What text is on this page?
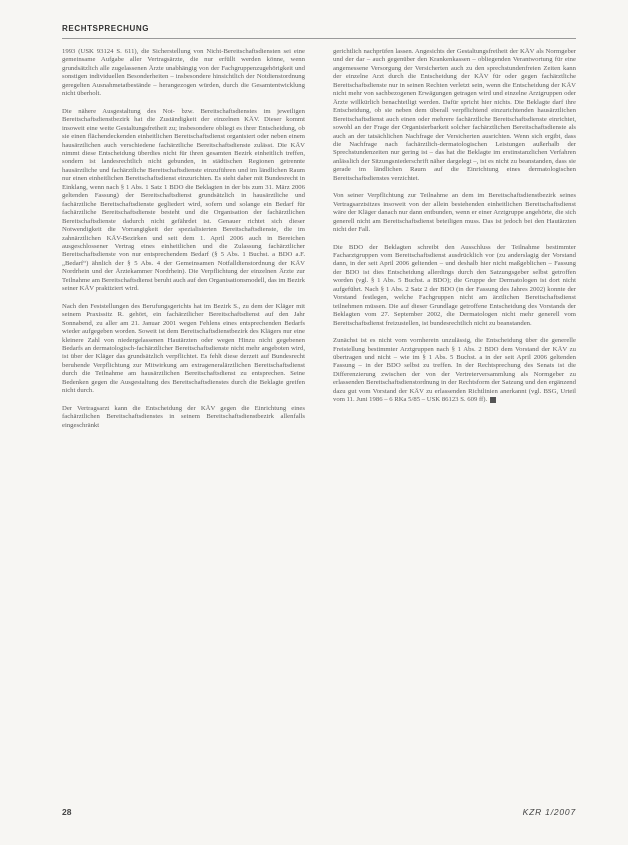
RECHTSPRECHUNG

1993 (USK 93124 S. 611), die Sicherstellung von Nicht-Bereitschaftsdiensten sei eine gemeinsame Aufgabe aller Vertragsärzte, die nur erfüllt werden könne, wenn grundsätzlich alle zugelassenen Ärzte unabhängig von der Fachgruppenzugehörigkeit und sonstigen individuellen Besonderheiten – insbesondere hinsichtlich der Notdienstordnung geregelten Ausnahmetatbestände – herangezogen würden, durch die Gesamtentwicklung nicht überholt.

Die nähere Ausgestaltung des Not- bzw. Bereitschaftsdienstes im jeweiligen Bereitschaftsdienstbezirk hat die Zuständigkeit der einzelnen KÄV. Dieser kommt insoweit eine weite Gestaltungsfreiheit zu; insbesondere obliegt es ihrer Entscheidung, ob sie einen flächendeckenden einheitlichen Bereitschaftsdienst organisiert oder neben einem hausärztlichen auch verschiedene fachärztliche Bereitschaftsdienste zulässt. Die KÄV nimmt diese Entscheidung überdies nicht für ihren gesamten Bezirk einheitlich treffen, sondern ist landesrechtlich nicht gebunden, in städtischen Regionen getrennte hausärztliche und fachärztliche Bereitschaftsdienste einzuführen und im ländlichen Raum nur einen einheitlichen Bereitschaftsdienst einzurichten. Es steht daher mit Bundesrecht in Einklang, wenn nach § 1 Abs. 1 Satz 1 BDO die Beklagten in der bis zum 31. März 2006 geltenden Fassung) der Bereitschaftsdienst grundsätzlich in hausärztliche und fachärztliche Bereitschaftsdienste gegliedert wird, sofern und solange ein Bedarf für fachärztliche Bereitschaftsdienste besteht und die Organisation der fachärztlichen Bereitschaftsdienste dadurch nicht gefährdet ist. Genauer richtet sich dieser Notwendigkeit die Vorrangigkeit der spezialisierten Bereitschaftsdienste, die im zahnärztlichen KÄV-Bezirken und seit dem 1. April 2006 auch in Bereichen ausgeschlossener Vertrag eines einheitlichen und die Zulassung fachärztlicher Bereitschaftsdienste von nur entsprechendem Bedarf (§ 5 Abs. 1 Buchst. a BDO a.F. „Bedarf“) ähnlich der § 5 Abs. 4 der Gemeinsamen Notfalldienstordnung der KÄV Nordrhein und der Ärztekammer Nordrhein). Die Verpflichtung der einzelnen Ärzte zur Teilnahme am Bereitschaftsdienst beruht auch auf den Organisationsmodell, das im Bezirk seiner KÄV praktiziert wird.

Nach den Feststellungen des Berufungsgerichts hat im Bezirk S., zu dem der Kläger mit seinem Praxissitz R. gehört, ein fachärztlicher Bereitschaftsdienst auf den Jahr Sonnabend, zu aller am 21. Januar 2001 wegen Fehlens eines entsprechenden Bedarfs wieder aufgegeben worden. Soweit ist dem Bereitschaftsdienstbezirk des Klägers nur eine kleinere Zahl von niedergelassenen Hautärzten oder wegen Hinzu nicht gegebenen Bedarfs an dermatologisch-fachärztlicher Bereitschaftsdienste nicht mehr angeboten wird, ist über der Kläger das grundsätzlich verpflichtet. Es fehlt diese derzeit auf Bundesrecht beruhende Verpflichtung zur Mitwirkung am extrageneralärztlichen Bereitschaftsdienst durch die Teilnahme am hausärztlichen Bereitschaftsdienst zu entsprechen. Seine Bedenken gegen die Ausgestaltung des Bereitschaftsdienstes durch die Beklagte greifen nicht durch.

Der Vertragsarzt kann die Entscheidung der KÄV gegen die Einrichtung eines fachärztlichen Bereitschaftsdienstes in seinem Bereitschaftsdienstbezirk allenfalls eingeschränkt

gerichtlich nachprüfen lassen. Angesichts der Gestaltungsfreiheit der KÄV als Normgeber und der dar – auch gegenüber den Krankenkassen – obliegenden Verantwortung für eine angemessene Versorgung der Versicherten auch zu den sprechstundenfreien Zeiten kann der einzelne Arzt durch die Entscheidung der KÄV für oder gegen fachärztliche Bereitschaftsdienste nur in seinen Rechten verletzt sein, wenn die Entscheidung der KÄV nicht mehr von sachbezogenen Erwägungen getragen wird und einzelne Arztgruppen oder Ärzte willkürlich benachteiligt werden. Dafür spricht hier nichts. Die Beklagte darf ihre Entscheidung, ob sie neben dem überall verpflichtend einzurichtenden hausärztlichen Bereitschaftsdienst auch einen oder mehrere fachärztliche Bereitschaftsdienste einrichtet, sowohl an der Frage der Organisierbarkeit solcher fachärztlichen Bereitschaftsdienste als auch an der tatsächlichen Nachfrage der Versicherten ausrichten. Wenn sich ergibt, dass die Nachfrage nach fachärztlich-dermatologischen Leistungen außerhalb der Sprechstundenzeiten nur gering ist – das hat die Beklagte im erstinstanzlichen Verfahren anlässlich der Sitzungsniederschrift näher dargelegt –, ist es nicht zu beanstanden, dass sie gerade im ländlichen Raum auf die Einrichtung eines dermatologischen Bereitschaftsdienstes verzichtet.

Von seiner Verpflichtung zur Teilnahme an dem im Bereitschaftsdienstbezirk seines Vertragsarztsitzes insoweit von der allein bestehenden einheitlichen Bereitschaftsdienst wäre der Kläger danach nur dann entbunden, wenn er einer Arztgruppe angehörte, die sich generell nicht am Bereitschaftsdienst beteiligen muss. Das ist jedoch bei den Hautärzten nicht der Fall.

Die BDO der Beklagten schreibt den Ausschluss der Teilnahme bestimmter Facharztgruppen vom Bereitschaftsdienst ausdrücklich vor (zu anderslagig der Vorstand dann, in der seit April 2006 geltenden – und deshalb hier nicht maßgeblichen – Fassung der BDO ist dies Entscheidung allerdings durch den Satzungsgeber selbst getroffen worden (vgl. § 1 Abs. 5 Buchst. a BDO); die Gruppe der Dermatologen ist dort nicht aufgeführt. Nach § 1 Abs. 2 Satz 2 der BDO (in der Fassung des Jahres 2002) konnte der Vorstand festlegen, welche Fachgruppen nicht am ärztlichen Bereitschaftsdienst teilnehmen müssen. Die auf dieser Grundlage getroffene Entscheidung des Vorstands der Beklagten vom 27. September 2002, die Dermatologen nicht mehr generell vom Bereitschaftsdienst freizustellen, ist bundesrechtlich nicht zu beanstanden.

Zunächst ist es nicht vom vornherein unzulässig, die Entscheidung über die generelle Freistellung bestimmter Arztgruppen nach § 1 Abs. 2 BDO dem Vorstand der KÄV zu übertragen und nicht – wie im § 1 Abs. 5 Buchst. a in der seit April 2006 geltenden Fassung – in der BDO selbst zu treffen. In der Rechtsprechung des Senats ist die Differenzierung zwischen der von der Vertreterversammlung als Normgeber zu erlassenden Bereitschaftsdienstordnung in der Rechtsform der Satzung und den ergänzend dazu gut vom Vorstand der KÄV zu erlassenden Richtlinien anerkannt (vgl. BSG, Urteil vom 11. Juni 1986 – 6 RKa 5/85 – USK 86123 S. 609 ff).

28	KZR 1/2007
